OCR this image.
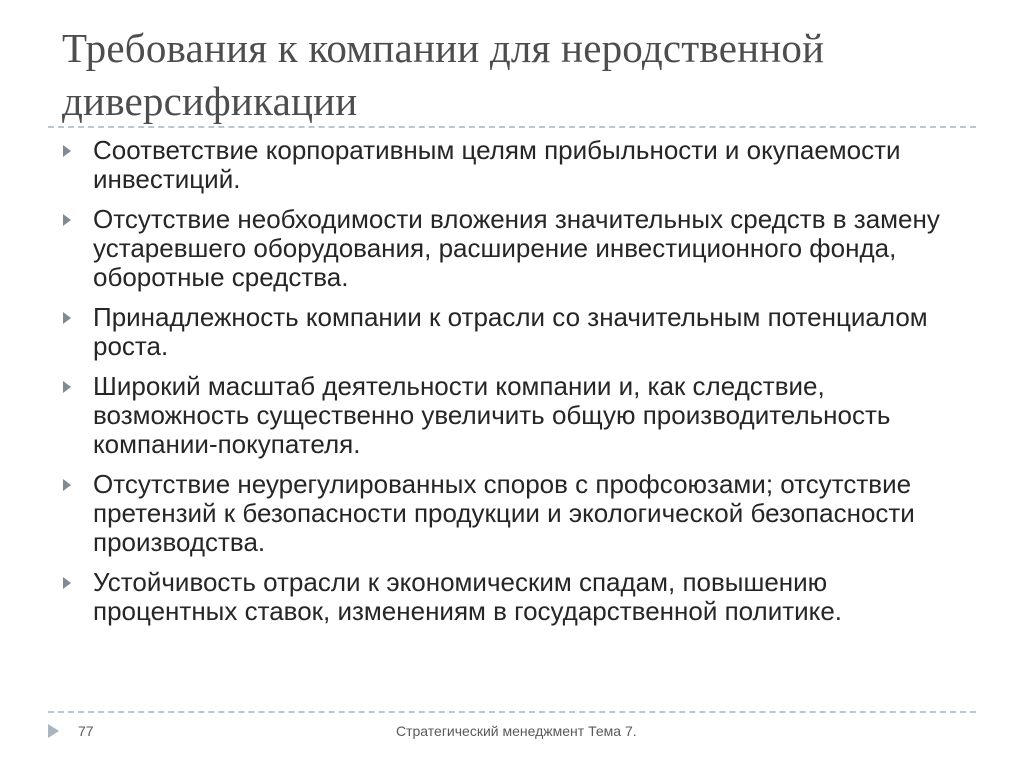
Требования к компании для неродственной диверсификации
Соответствие корпоративным целям прибыльности и окупаемости инвестиций.
Отсутствие необходимости вложения значительных средств в замену устаревшего оборудования, расширение инвестиционного фонда, оборотные средства.
Принадлежность компании к отрасли со значительным потенциалом роста.
Широкий масштаб деятельности компании и, как следствие, возможность существенно увеличить общую производительность компании-покупателя.
Отсутствие неурегулированных споров с профсоюзами; отсутствие претензий к безопасности продукции и экологической безопасности производства.
Устойчивость отрасли к экономическим спадам, повышению процентных ставок, изменениям в государственной политике.
77	Стратегический менеджмент Тема 7.
